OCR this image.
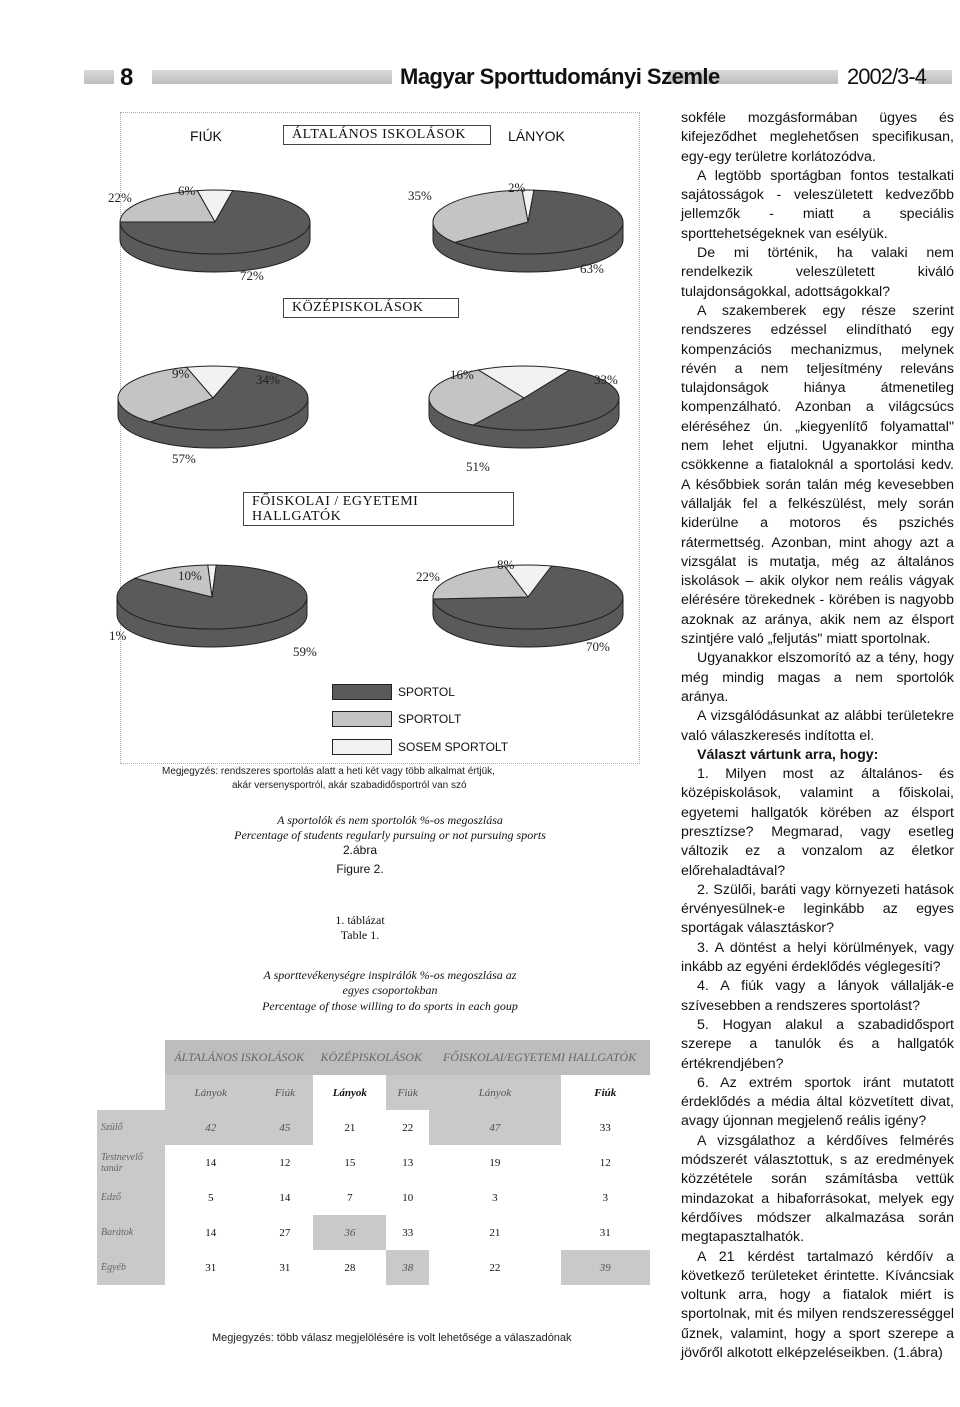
8	Magyar Sporttudományi Szemle	2002/3-4
FIÚK	LÁNYOK
ÁLTALÁNOS ISKOLÁSOK
KÖZÉPISKOLÁSOK
FŐISKOLAI / EGYETEMI
HALLGATÓK
22%	6%
72%
35%
2%
63%
9%	34%
57%
16%	33%
51%
10%
1%
59%
22%
8%
70%
SPORTOL
SPORTOLT
SOSEM SPORTOLT
Megjegyzés: rendszeres sportolás alatt a heti két vagy több alkalmat értjük,
akár versenysportról, akár szabadidősportról van szó
A sportolók és nem sportolók %-os megoszlása
Percentage of students regularly pursuing or not pursuing sports
2.ábra
Figure 2.
1. táblázat
Table 1.
A sporttevékenységre inspirálók %-os megoszlása az
egyes csoportokban
Percentage of those willing to do sports in each goup
	ÁLTALÁNOS ISKOLÁSOK		KÖZÉPISKOLÁSOK		FŐISKOLAI/EGYETEMI HALLGATÓK	
	Lányok	Fiúk	Lányok	Fiúk	Lányok	Fiúk
Szülő	42	45	21	22	47	33
Testnevelő tanár	14	12	15	13	19	12
Edző	5	14	7	10	3	3
Barátok	14	27	36	33	21	31
Egyéb	31	31	28	38	22	39
Megjegyzés: több válasz megjelölésére is volt lehetősége a válaszadónak

sokféle mozgásformában ügyes és kifejeződhet meglehetősen specifikusan, egy-egy területre korlátozódva.

A legtöbb sportágban fontos testalkati sajátosságok - veleszületett kedvezőbb jellemzők - miatt a speciális sporttehetségeknek van esélyük.

De mi történik, ha valaki nem rendelkezik veleszületett kiváló tulajdonságokkal, adottságokkal?

A szakemberek egy része szerint rendszeres edzéssel elindítható egy kompenzációs mechanizmus, melynek révén a nem teljesítmény releváns tulajdonságok hiánya átmenetileg kompenzálható. Azonban a világcsúcs eléréséhez ún. „kiegyenlítő folyamattal" nem lehet eljutni. Ugyanakkor mintha csökkenne a fiataloknál a sportolási kedv. A későbbiek során talán még kevesebben vállalják fel a felkészülést, mely során kiderülne a motoros és pszichés rátermettség. Azonban, mint ahogy azt a vizsgálat is mutatja, még az általános iskolások – akik olykor nem reális vágyak elérésére törekednek - körében is nagyobb azoknak az aránya, akik nem az élsport szintjére való „feljutás" miatt sportolnak.

Ugyanakkor elszomorító az a tény, hogy még mindig magas a nem sportolók aránya.

A vizsgálódásunkat az alábbi területekre való válaszkeresés indította el.

Választ vártunk arra, hogy:

1. Milyen most az általános- és középiskolások, valamint a főiskolai, egyetemi hallgatók körében az élsport presztízse? Megmarad, vagy esetleg változik ez a vonzalom az életkor előrehaladtával?

2. Szülői, baráti vagy környezeti hatások érvényesülnek-e leginkább az egyes sportágak választáskor?

3. A döntést a helyi körülmények, vagy inkább az egyéni érdeklődés véglegesíti?

4. A fiúk vagy a lányok vállalják-e szívesebben a rendszeres sportolást?

5. Hogyan alakul a szabadidősport szerepe a tanulók és a hallgatók értékrendjében?

6. Az extrém sportok iránt mutatott érdeklődés a média által közvetített divat, avagy újonnan megjelenő reális igény?

A vizsgálathoz a kérdőíves felmérés módszerét választottuk, s az eredmények közzététele során számításba vettük mindazokat a hibaforrásokat, melyek egy kérdőíves módszer alkalmazása során megtapasztalhatók.

A 21 kérdést tartalmazó kérdőív a következő területeket érintette. Kíváncsiak voltunk arra, hogy a fiatalok miért is sportolnak, mit és milyen rendszerességgel űznek, valamint, hogy a sport szerepe a jövőről alkotott elképzeléseikben. (1.ábra)
